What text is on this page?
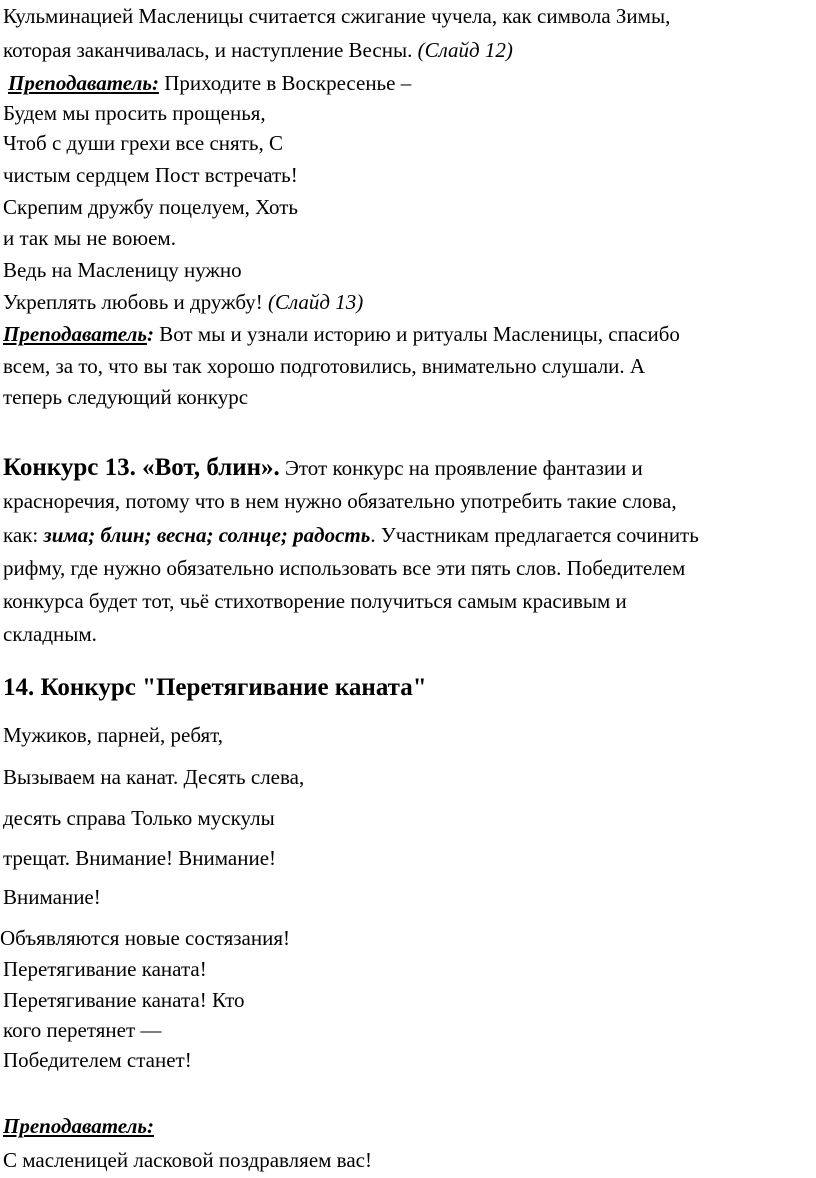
Кульминацией Масленицы считается сжигание чучела, как символа Зимы,
которая заканчивалась, и наступление Весны. (Слайд 12)
Преподаватель: Приходите в Воскресенье –
Будем мы просить прощенья,
Чтоб с души грехи все снять, С
чистым сердцем Пост встречать!
Скрепим дружбу поцелуем, Хоть
и так мы не воюем.
Ведь на Масленицу нужно
Укреплять любовь и дружбу! (Слайд 13)
Преподаватель: Вот мы и узнали историю и ритуалы Масленицы, спасибо
всем, за то, что вы так хорошо подготовились, внимательно слушали. А
теперь следующий конкурс
Конкурс 13. «Вот, блин». Этот конкурс на проявление фантазии и
красноречия, потому что в нем нужно обязательно употребить такие слова,
как: зима; блин; весна; солнце; радость. Участникам предлагается сочинить
рифму, где нужно обязательно использовать все эти пять слов. Победителем
конкурса будет тот, чьё стихотворение получиться самым красивым и
складным.
14. Конкурс "Перетягивание каната"
Мужиков, парней, ребят,
Вызываем на канат. Десять слева,
десять справа Только мускулы
трещат. Внимание! Внимание!
Внимание!
Объявляются новые состязания!
Перетягивание каната!
Перетягивание каната! Кто
кого перетянет —
Победителем станет!
Преподаватель:
С масленицей ласковой поздравляем вас!
